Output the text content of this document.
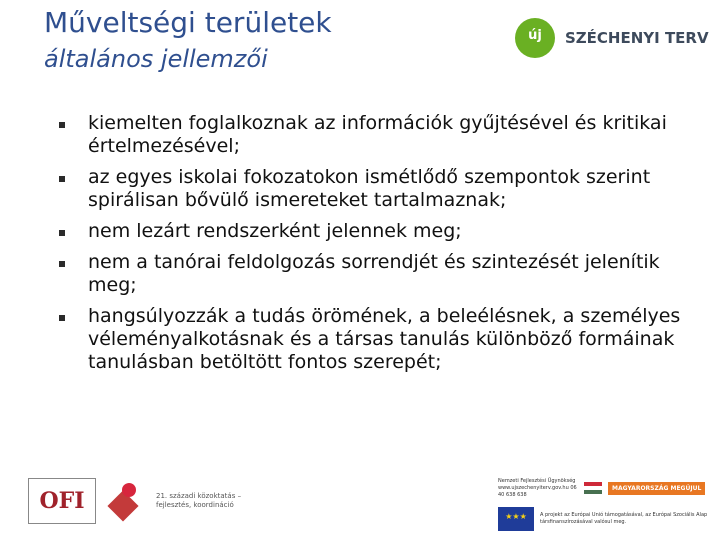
Műveltségi területek
általános jellemzői
új	SZÉCHENYI TERV
kiemelten foglalkoznak az információk gyűjtésével és kritikai értelmezésével;
az egyes iskolai fokozatokon ismétlődő szempontok szerint spirálisan bővülő ismereteket tartalmaznak;
nem lezárt rendszerként jelennek meg;
nem a tanórai feldolgozás sorrendjét és szintezését jelenítik meg;
hangsúlyozzák a tudás örömének, a beleélésnek, a személyes véleményalkotásnak és a társas tanulás különböző formáinak tanulásban betöltött fontos szerepét;
OFI	21. századi közoktatás – fejlesztés, koordináció
Nemzeti Fejlesztési Ügynökség www.ujszechenyiterv.gov.hu 06 40 638 638
MAGYARORSZÁG MEGÚJUL
★★★	A projekt az Európai Unió támogatásával, az Európai Szociális Alap társfinanszírozásával valósul meg.
